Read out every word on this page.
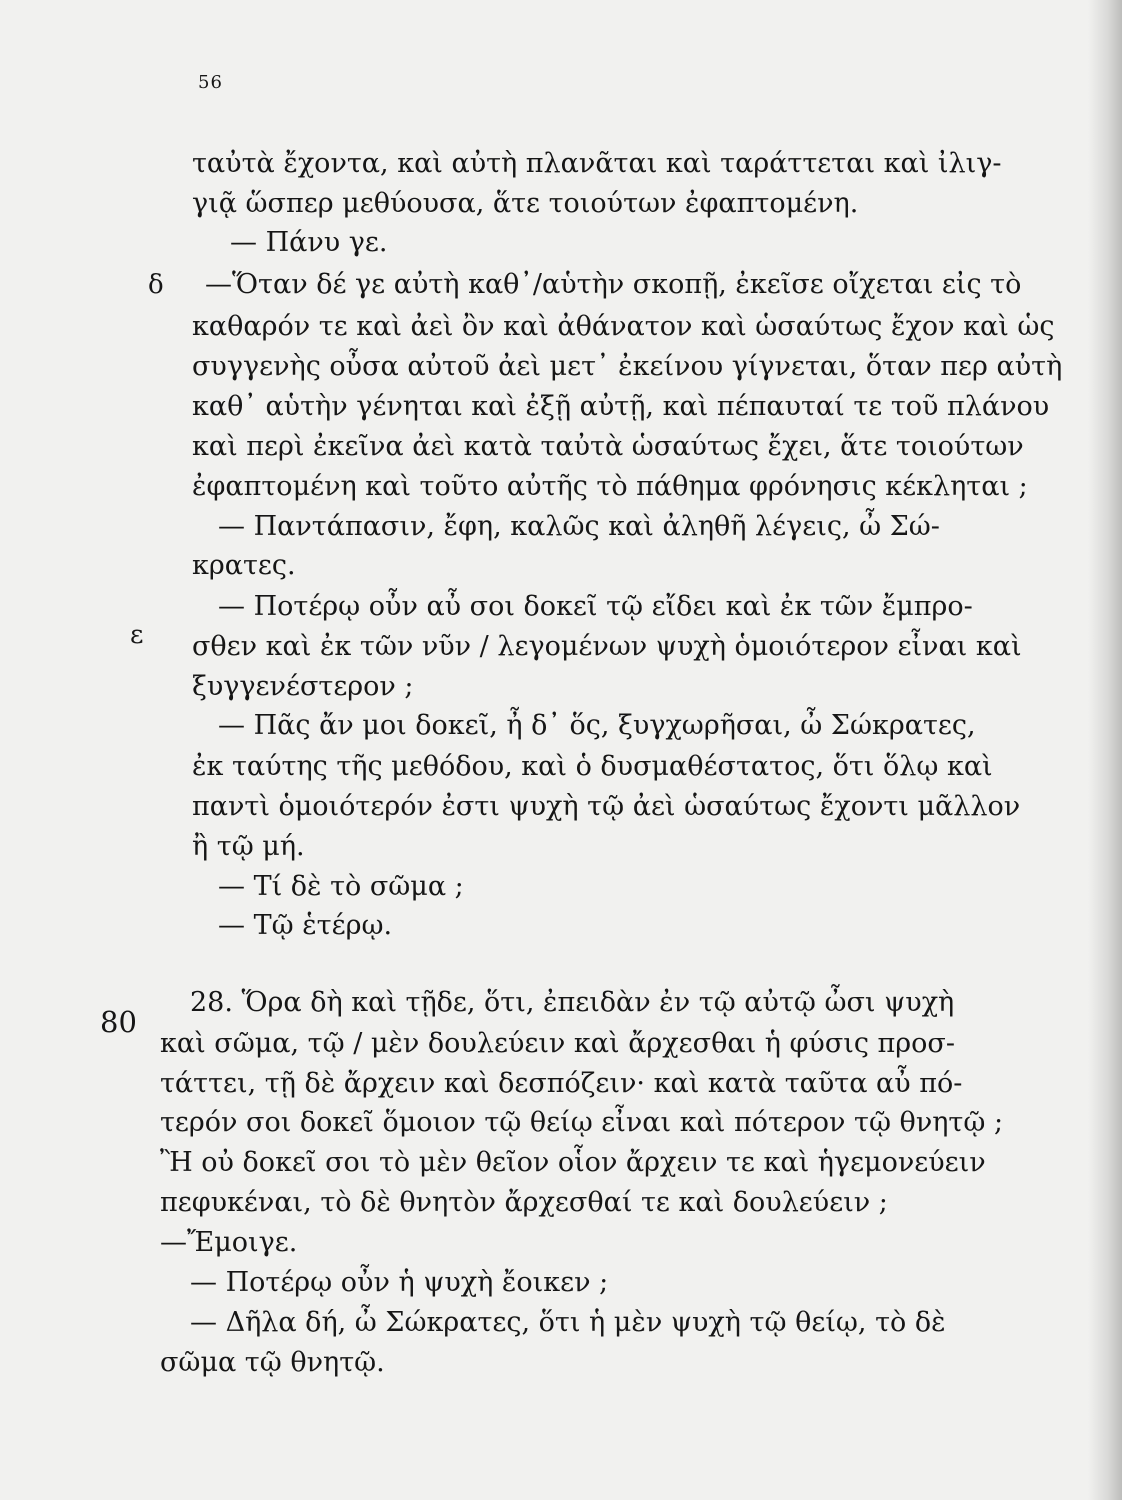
56
δ
ε
80
ταὐτὰ ἔχοντα, καὶ αὐτὴ πλανᾶται καὶ ταράττεται καὶ ἰλιγ-
γιᾷ ὥσπερ μεθύουσα, ἅτε τοιούτων ἐφαπτομένη.
— Πάνυ γε.
—Ὅταν δέ γε αὐτὴ καθ᾽/αὑτὴν σκοπῇ, ἐκεῖσε οἴχεται εἰς τὸ
καθαρόν τε καὶ ἀεὶ ὂν καὶ ἀθάνατον καὶ ὡσαύτως ἔχον καὶ ὡς
συγγενὴς οὖσα αὐτοῦ ἀεὶ μετ᾽ ἐκείνου γίγνεται, ὅταν περ αὐτὴ
καθ᾽ αὑτὴν γένηται καὶ ἐξῇ αὐτῇ, καὶ πέπαυταί τε τοῦ πλάνου
καὶ περὶ ἐκεῖνα ἀεὶ κατὰ ταὐτὰ ὡσαύτως ἔχει, ἅτε τοιούτων
ἐφαπτομένη καὶ τοῦτο αὐτῆς τὸ πάθημα φρόνησις κέκληται ;
— Παντάπασιν, ἔφη, καλῶς καὶ ἀληθῆ λέγεις, ὦ Σώ-
κρατες.
— Ποτέρῳ οὖν αὖ σοι δοκεῖ τῷ εἴδει καὶ ἐκ τῶν ἔμπρο-
σθεν καὶ ἐκ τῶν νῦν / λεγομένων ψυχὴ ὁμοιότερον εἶναι καὶ
ξυγγενέστερον ;
— Πᾶς ἄν μοι δοκεῖ, ἦ δ᾽ ὅς, ξυγχωρῆσαι, ὦ Σώκρατες,
ἐκ ταύτης τῆς μεθόδου, καὶ ὁ δυσμαθέστατος, ὅτι ὅλῳ καὶ
παντὶ ὁμοιότερόν ἐστι ψυχὴ τῷ ἀεὶ ὡσαύτως ἔχοντι μᾶλλον
ἢ τῷ μή.
— Τί δὲ τὸ σῶμα ;
— Τῷ ἑτέρῳ.
28. Ὅρα δὴ καὶ τῇδε, ὅτι, ἐπειδὰν ἐν τῷ αὐτῷ ὦσι ψυχὴ
καὶ σῶμα, τῷ / μὲν δουλεύειν καὶ ἄρχεσθαι ἡ φύσις προσ-
τάττει, τῇ δὲ ἄρχειν καὶ δεσπόζειν· καὶ κατὰ ταῦτα αὖ πό-
τερόν σοι δοκεῖ ὅμοιον τῷ θείῳ εἶναι καὶ πότερον τῷ θνητῷ ;
Ἢ οὐ δοκεῖ σοι τὸ μὲν θεῖον οἷον ἄρχειν τε καὶ ἡγεμονεύειν
πεφυκέναι, τὸ δὲ θνητὸν ἄρχεσθαί τε καὶ δουλεύειν ;
—Ἔμοιγε.
— Ποτέρῳ οὖν ἡ ψυχὴ ἔοικεν ;
— Δῆλα δή, ὦ Σώκρατες, ὅτι ἡ μὲν ψυχὴ τῷ θείῳ, τὸ δὲ
σῶμα τῷ θνητῷ.
